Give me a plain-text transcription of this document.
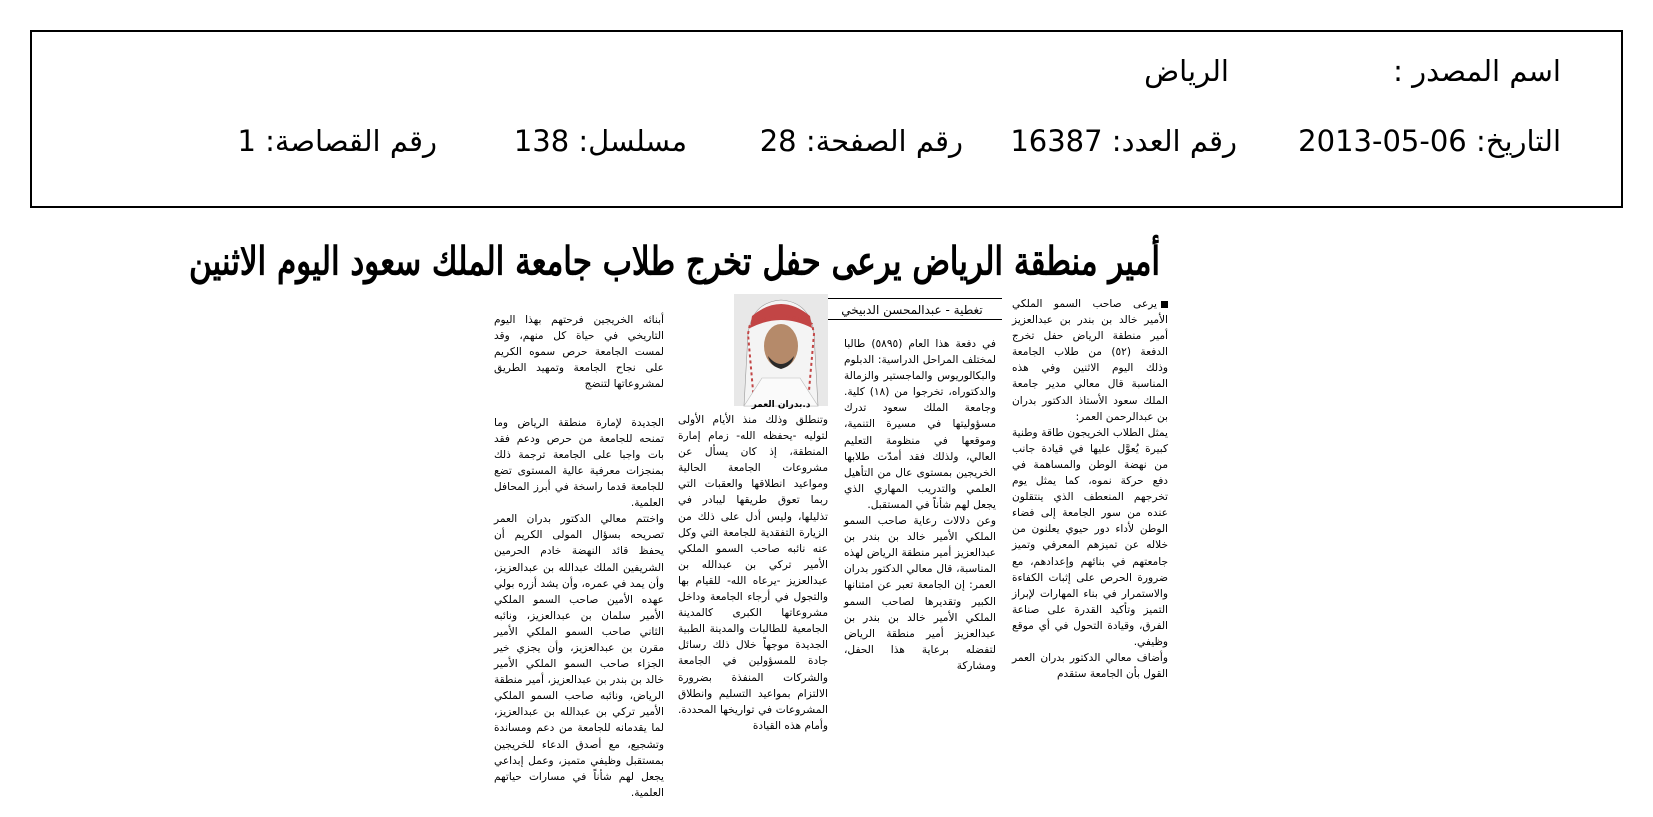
اسم المصدر :
الرياض
التاريخ: 06-05-2013
رقم العدد: 16387
رقم الصفحة: 28
مسلسل: 138
رقم القصاصة: 1
أمير منطقة الرياض يرعى حفل تخرج طلاب جامعة الملك سعود اليوم الاثنين
تغطية - عبدالمحسن الدبيخي	يرعى صاحب السمو الملكي الأمير خالد بن بندر بن عبدالعزيز أمير منطقة الرياض حفل تخرج الدفعة (٥٢) من طلاب الجامعة وذلك اليوم الاثنين وفي هذه المناسبة قال معالي مدير جامعة الملك سعود الأستاذ الدكتور بدران بن عبدالرحمن العمر:
يمثل الطلاب الخريجون طاقة وطنية كبيرة يُعوَّل عليها في قيادة جانب من نهضة الوطن والمساهمة في دفع حركة نموه، كما يمثل يوم تخرجهم المنعطف الذي ينتقلون عنده من سور الجامعة إلى فضاء الوطن لأداء دور حيوي يعلنون من خلاله عن تميزهم المعرفي وتميز جامعتهم في بنائهم وإعدادهم، مع ضرورة الحرص على إثبات الكفاءة والاستمرار في بناء المهارات لإبراز التميز وتأكيد القدرة على صناعة الفرق، وقيادة التحول في أي موقع وظيفي.
وأضاف معالي الدكتور بدران العمر القول بأن الجامعة ستقدم
في دفعة هذا العام (٥٨٩٥) طالبا لمختلف المراحل الدراسية: الدبلوم والبكالوريوس والماجستير والزمالة والدكتوراه، تخرجوا من (١٨) كلية. وجامعة الملك سعود تدرك مسؤوليتها في مسيرة التنمية، وموقعها في منظومة التعليم العالي، ولذلك فقد أمدّت طلابها الخريجين بمستوى عال من التأهيل العلمي والتدريب المهاري الذي يجعل لهم شأناً في المستقبل.
وعن دلالات رعاية صاحب السمو الملكي الأمير خالد بن بندر بن عبدالعزيز أمير منطقة الرياض لهذه المناسبة، قال معالي الدكتور بدران العمر: إن الجامعة تعبر عن امتنانها الكبير وتقديرها لصاحب السمو الملكي الأمير خالد بن بندر بن عبدالعزيز أمير منطقة الرياض لتفضله برعاية هذا الحفل، ومشاركة

وتنطلق وذلك منذ الأيام الأولى لتوليه -يحفظه الله- زمام إمارة المنطقة، إذ كان يسأل عن مشروعات الجامعة الحالية ومواعيد انطلاقها والعقبات التي ربما تعوق طريقها ليبادر في تذليلها، وليس أدل على ذلك من الزيارة التفقدية للجامعة التي وكل عنه نائبه صاحب السمو الملكي الأمير تركي بن عبدالله بن عبدالعزيز -يرعاه الله- للقيام بها والتجول في أرجاء الجامعة وداخل مشروعاتها الكبرى كالمدينة الجامعية للطالبات والمدينة الطبية الجديدة موجهاً خلال ذلك رسائل جادة للمسؤولين في الجامعة والشركات المنفذة بضرورة الالتزام بمواعيد التسليم وانطلاق المشروعات في تواريخها المحددة. وأمام هذه القيادة

د.بدران العمر

أبنائه الخريجين فرحتهم بهذا اليوم التاريخي في حياة كل منهم، وقد لمست الجامعة حرص سموه الكريم على نجاح الجامعة وتمهيد الطريق لمشروعاتها لتنضج

الجديدة لإمارة منطقة الرياض وما تمنحه للجامعة من حرص ودعم فقد بات واجبا على الجامعة ترجمة ذلك بمنجزات معرفية عالية المستوى تضع للجامعة قدما راسخة في أبرز المحافل العلمية.
واختتم معالي الدكتور بدران العمر تصريحه بسؤال المولى الكريم أن يحفظ قائد النهضة خادم الحرمين الشريفين الملك عبدالله بن عبدالعزيز، وأن يمد في عمره، وأن يشد أزره بولي عهده الأمين صاحب السمو الملكي الأمير سلمان بن عبدالعزيز، ونائبه الثاني صاحب السمو الملكي الأمير مقرن بن عبدالعزيز، وأن يجزي خير الجزاء صاحب السمو الملكي الأمير خالد بن بندر بن عبدالعزيز، أمير منطقة الرياض، ونائبه صاحب السمو الملكي الأمير تركي بن عبدالله بن عبدالعزيز، لما يقدمانه للجامعة من دعم ومساندة وتشجيع، مع أصدق الدعاء للخريجين بمستقبل وظيفي متميز، وعمل إبداعي يجعل لهم شأناً في مسارات حياتهم العلمية.
